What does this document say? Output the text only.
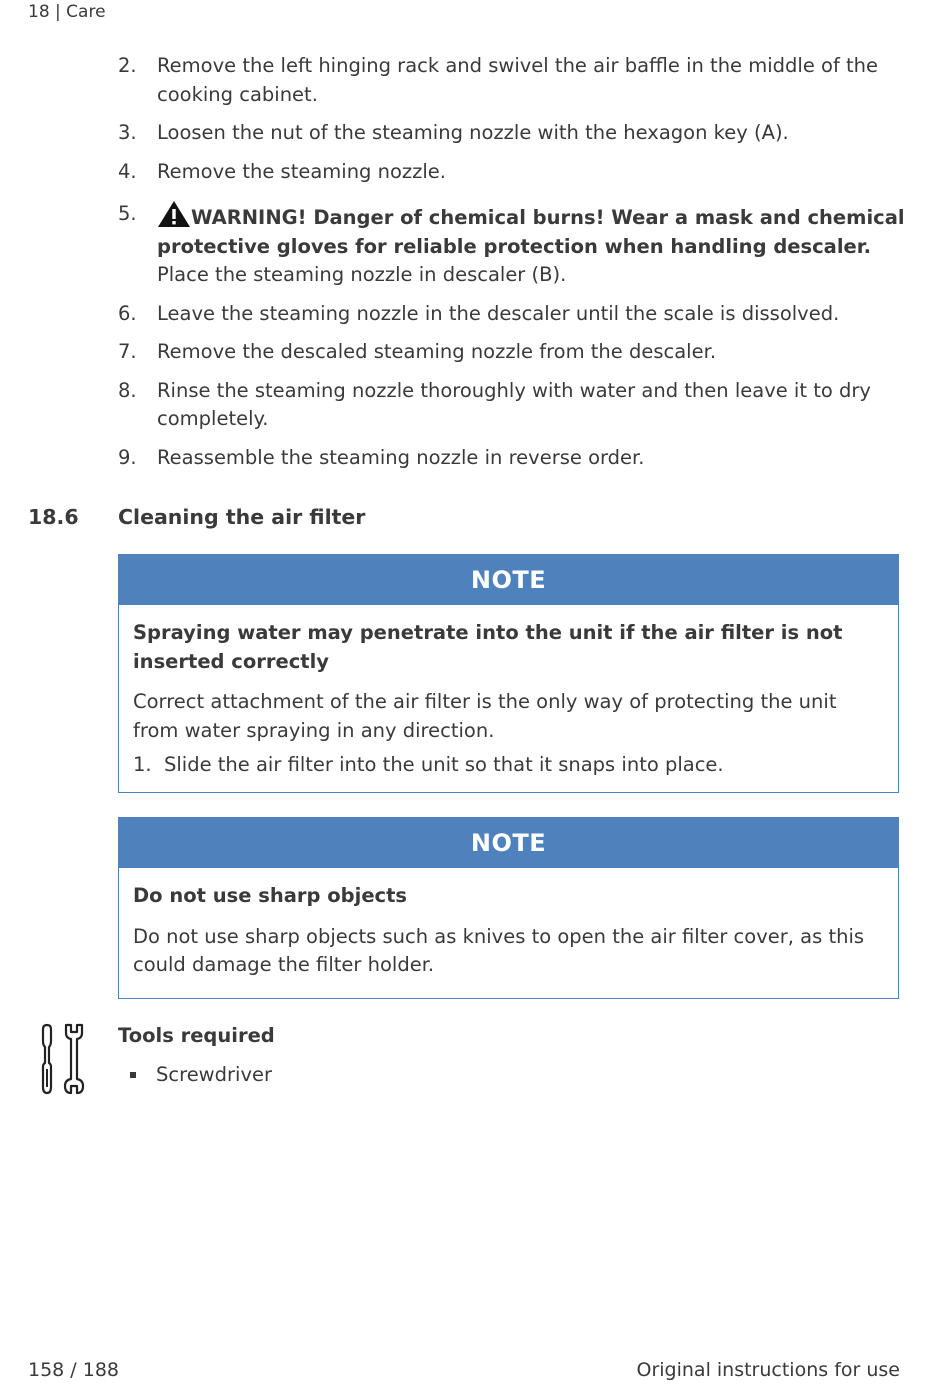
18 | Care
2.	Remove the left hinging rack and swivel the air baffle in the middle of the cooking cabinet.
3.	Loosen the nut of the steaming nozzle with the hexagon key (A).
4.	Remove the steaming nozzle.
5.	WARNING! Danger of chemical burns! Wear a mask and chemical protective gloves for reliable protection when handling descaler. Place the steaming nozzle in descaler (B).
6.	Leave the steaming nozzle in the descaler until the scale is dissolved.
7.	Remove the descaled steaming nozzle from the descaler.
8.	Rinse the steaming nozzle thoroughly with water and then leave it to dry completely.
9.	Reassemble the steaming nozzle in reverse order.
18.6 Cleaning the air filter
NOTE

Spraying water may penetrate into the unit if the air filter is not inserted correctly

Correct attachment of the air filter is the only way of protecting the unit from water spraying in any direction.

1. Slide the air filter into the unit so that it snaps into place.
NOTE

Do not use sharp objects

Do not use sharp objects such as knives to open the air filter cover, as this could damage the filter holder.

Tools required
Screwdriver
158 / 188	Original instructions for use
